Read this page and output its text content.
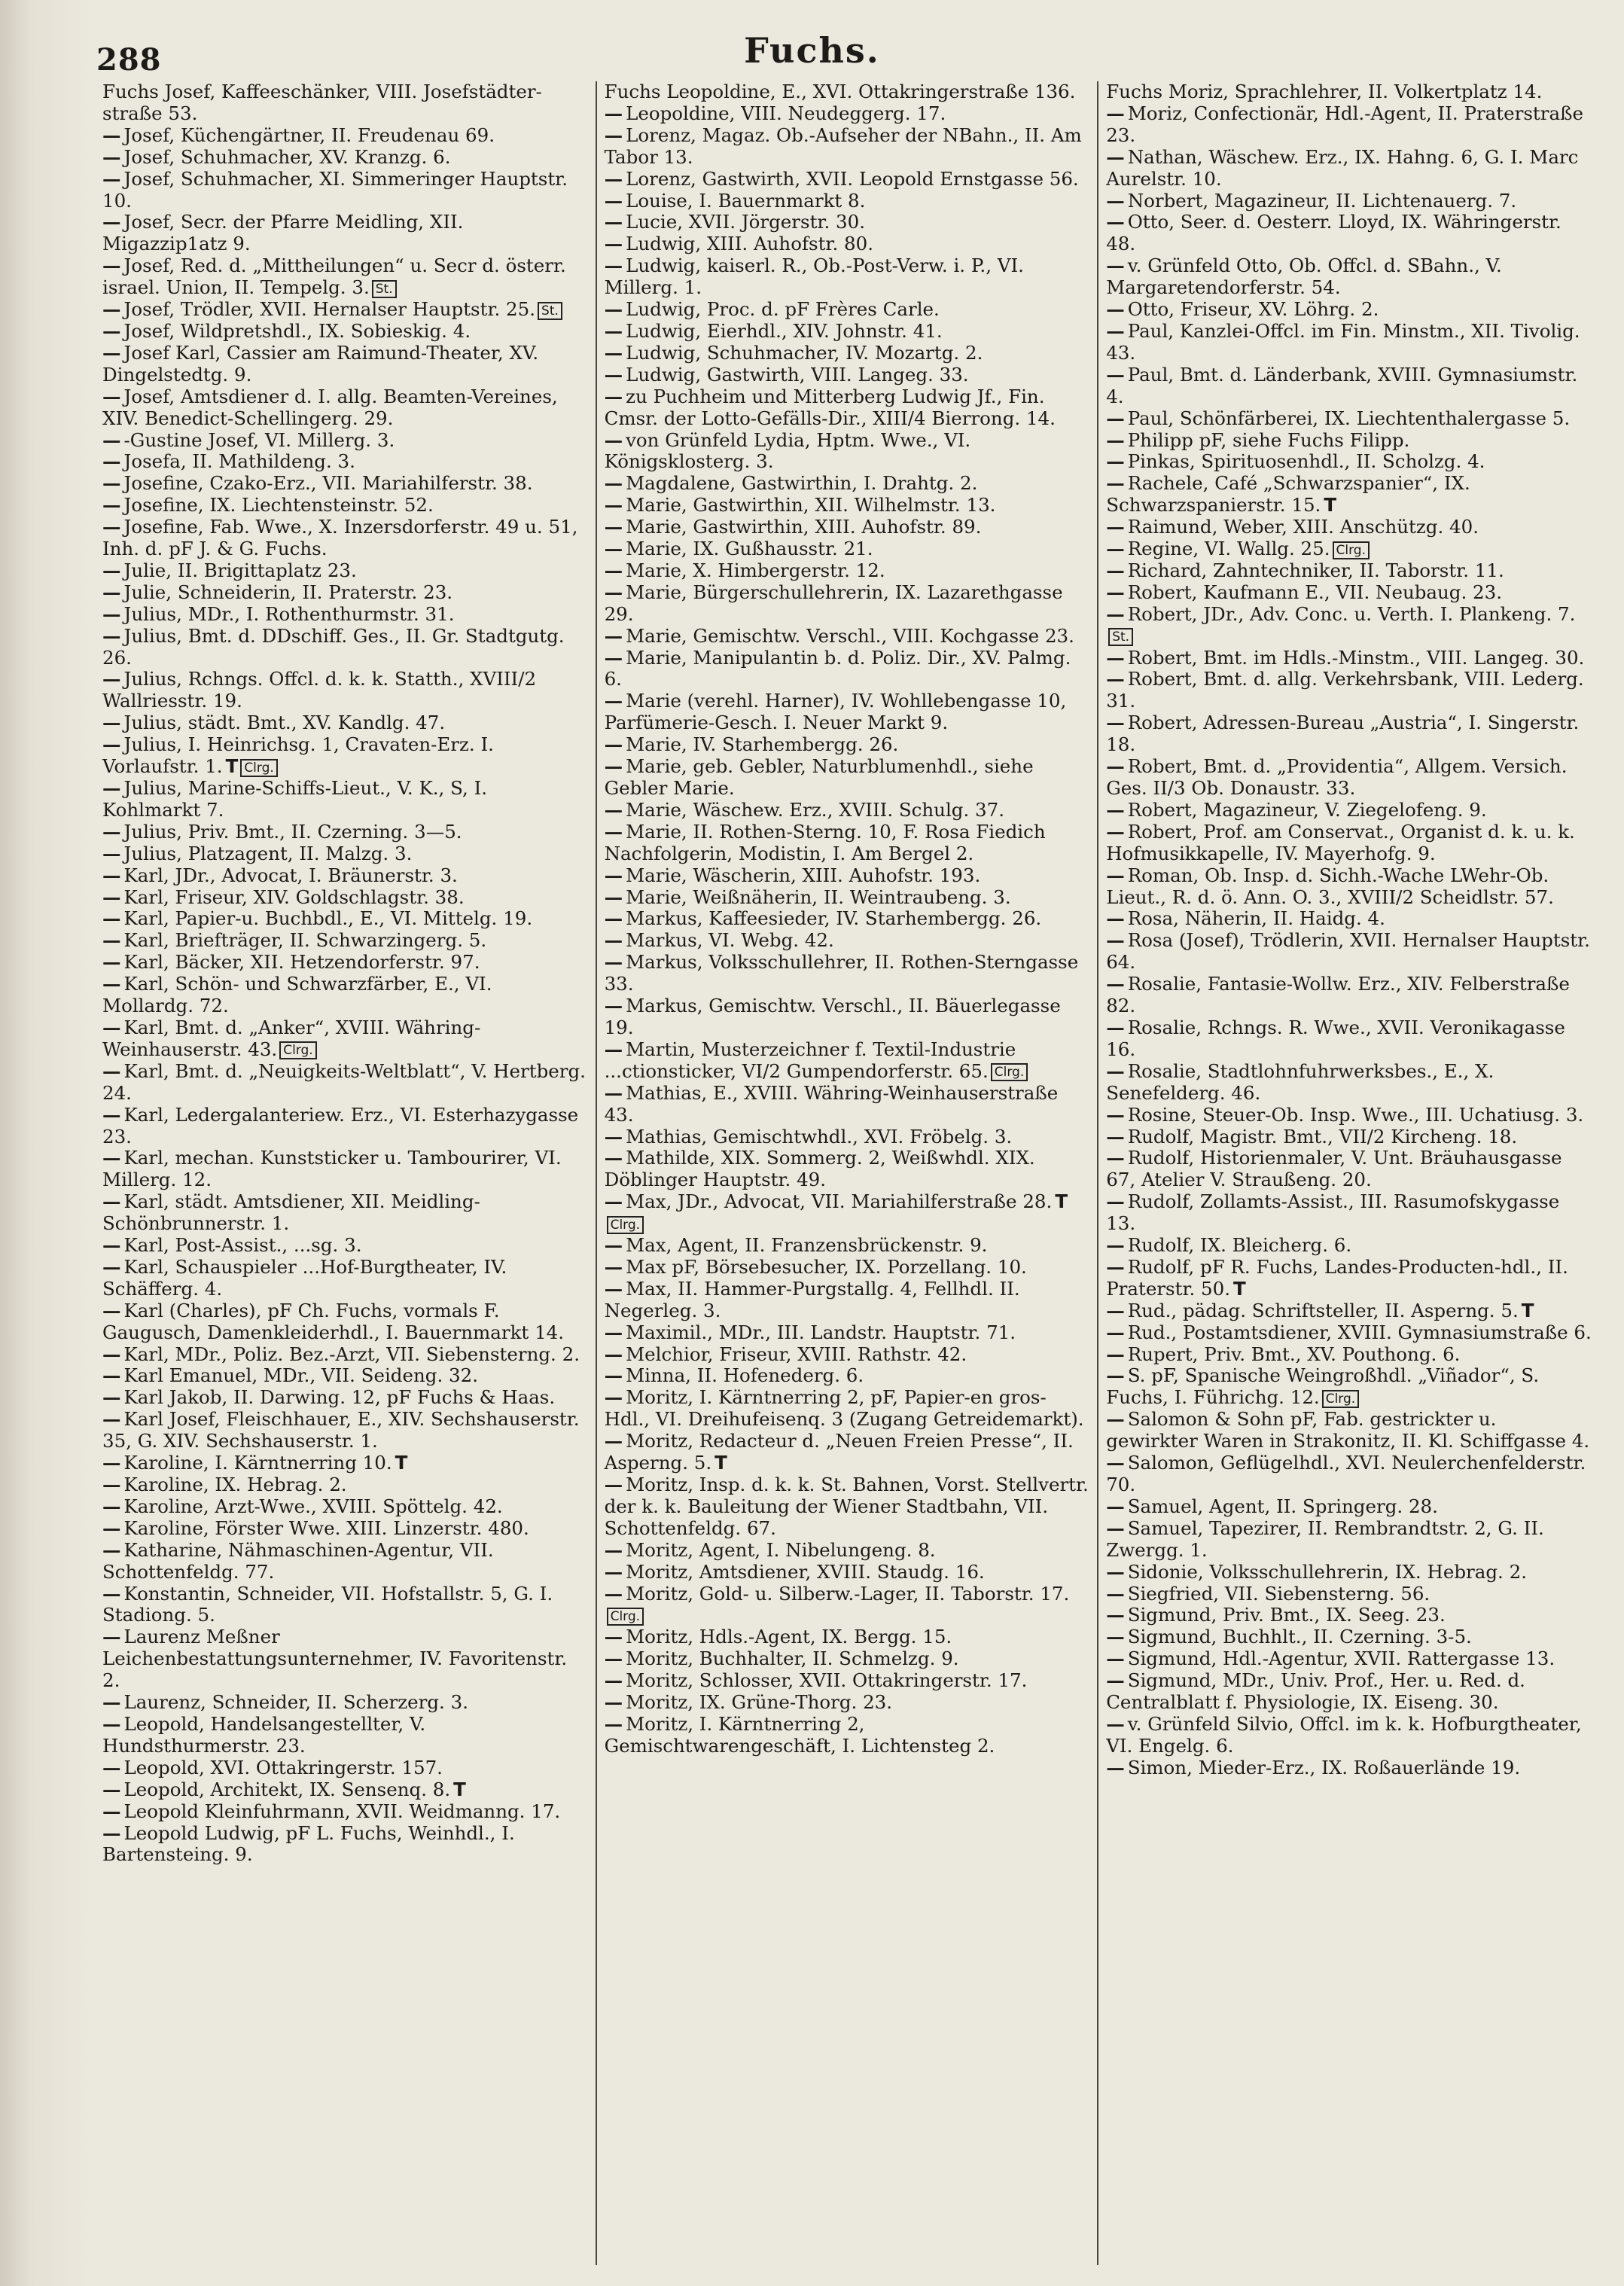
288	Fuchs.
Fuchs Josef, Kaffeeschänker, VIII. Josefstädter-straße 53.
— Josef, Küchengärtner, II. Freudenau 69.
— Josef, Schuhmacher, XV. Kranzg. 6.
— Josef, Schuhmacher, XI. Simmeringer Hauptstr. 10.
— Josef, Secr. der Pfarre Meidling, XII. Migazzip1atz 9.
— Josef, Red. d. „Mittheilungen“ u. Secr d. österr. israel. Union, II. Tempelg. 3. St.
— Josef, Trödler, XVII. Hernalser Hauptstr. 25. St.
— Josef, Wildpretshdl., IX. Sobieskig. 4.
— Josef Karl, Cassier am Raimund-Theater, XV. Dingelstedtg. 9.
— Josef, Amtsdiener d. I. allg. Beamten-Vereines, XIV. Benedict-Schellingerg. 29.
— -Gustine Josef, VI. Millerg. 3.
— Josefa, II. Mathildeng. 3.
— Josefine, Czako-Erz., VII. Mariahilferstr. 38.
— Josefine, IX. Liechtensteinstr. 52.
— Josefine, Fab. Wwe., X. Inzersdorferstr. 49 u. 51, Inh. d. pF J. & G. Fuchs.
— Julie, II. Brigittaplatz 23.
— Julie, Schneiderin, II. Praterstr. 23.
— Julius, MDr., I. Rothenthurmstr. 31.
— Julius, Bmt. d. DDschiff. Ges., II. Gr. Stadtgutg. 26.
— Julius, Rchngs. Offcl. d. k. k. Statth., XVIII/2 Wallriesstr. 19.
— Julius, städt. Bmt., XV. Kandlg. 47.
— Julius, I. Heinrichsg. 1, Cravaten-Erz. I. Vorlaufstr. 1. T Clrg.
— Julius, Marine-Schiffs-Lieut., V. K., S, I. Kohlmarkt 7.
— Julius, Priv. Bmt., II. Czerning. 3—5.
— Julius, Platzagent, II. Malzg. 3.
— Karl, JDr., Advocat, I. Bräunerstr. 3.
— Karl, Friseur, XIV. Goldschlagstr. 38.
— Karl, Papier-u. Buchbdl., E., VI. Mittelg. 19.
— Karl, Briefträger, II. Schwarzingerg. 5.
— Karl, Bäcker, XII. Hetzendorferstr. 97.
— Karl, Schön- und Schwarzfärber, E., VI. Mollardg. 72.
— Karl, Bmt. d. „Anker“, XVIII. Währing-Weinhauserstr. 43. Clrg.
— Karl, Bmt. d. „Neuigkeits-Weltblatt“, V. Hertberg. 24.
— Karl, Ledergalanteriew. Erz., VI. Esterhazygasse 23.
— Karl, mechan. Kunststicker u. Tambourirer, VI. Millerg. 12.
— Karl, städt. Amtsdiener, XII. Meidling-Schönbrunnerstr. 1.
— Karl, Post-Assist., ...sg. 3.
— Karl, Schauspieler ...Hof-Burgtheater, IV. Schäfferg. 4.
— Karl (Charles), pF Ch. Fuchs, vormals F. Gaugusch, Damenkleiderhdl., I. Bauernmarkt 14.
— Karl, MDr., Poliz. Bez.-Arzt, VII. Siebensterng. 2.
— Karl Emanuel, MDr., VII. Seideng. 32.
— Karl Jakob, II. Darwing. 12, pF Fuchs & Haas.
— Karl Josef, Fleischhauer, E., XIV. Sechshauserstr. 35, G. XIV. Sechshauserstr. 1.
— Karoline, I. Kärntnerring 10. T
— Karoline, IX. Hebrag. 2.
— Karoline, Arzt-Wwe., XVIII. Spöttelg. 42.
— Karoline, Förster Wwe. XIII. Linzerstr. 480.
— Katharine, Nähmaschinen-Agentur, VII. Schottenfeldg. 77.
— Konstantin, Schneider, VII. Hofstallstr. 5, G. I. Stadiong. 5.
— Laurenz Meßner Leichenbestattungsunternehmer, IV. Favoritenstr. 2.
— Laurenz, Schneider, II. Scherzerg. 3.
— Leopold, Handelsangestellter, V. Hundsthurmerstr. 23.
— Leopold, XVI. Ottakringerstr. 157.
— Leopold, Architekt, IX. Sensenq. 8. T
— Leopold Kleinfuhrmann, XVII. Weidmanng. 17.
— Leopold Ludwig, pF L. Fuchs, Weinhdl., I. Bartensteing. 9.
Fuchs Leopoldine, E., XVI. Ottakringerstraße 136.
— Leopoldine, VIII. Neudeggerg. 17.
— Lorenz, Magaz. Ob.-Aufseher der NBahn., II. Am Tabor 13.
— Lorenz, Gastwirth, XVII. Leopold Ernstgasse 56.
— Louise, I. Bauernmarkt 8.
— Lucie, XVII. Jörgerstr. 30.
— Ludwig, XIII. Auhofstr. 80.
— Ludwig, kaiserl. R., Ob.-Post-Verw. i. P., VI. Millerg. 1.
— Ludwig, Proc. d. pF Frères Carle.
— Ludwig, Eierhdl., XIV. Johnstr. 41.
— Ludwig, Schuhmacher, IV. Mozartg. 2.
— Ludwig, Gastwirth, VIII. Langeg. 33.
— zu Puchheim und Mitterberg Ludwig Jf., Fin. Cmsr. der Lotto-Gefälls-Dir., XIII/4 Bierrong. 14.
— von Grünfeld Lydia, Hptm. Wwe., VI. Königsklosterg. 3.
— Magdalene, Gastwirthin, I. Drahtg. 2.
— Marie, Gastwirthin, XII. Wilhelmstr. 13.
— Marie, Gastwirthin, XIII. Auhofstr. 89.
— Marie, IX. Gußhausstr. 21.
— Marie, X. Himbergerstr. 12.
— Marie, Bürgerschullehrerin, IX. Lazarethgasse 29.
— Marie, Gemischtw. Verschl., VIII. Kochgasse 23.
— Marie, Manipulantin b. d. Poliz. Dir., XV. Palmg. 6.
— Marie (verehl. Harner), IV. Wohllebengasse 10, Parfümerie-Gesch. I. Neuer Markt 9.
— Marie, IV. Starhembergg. 26.
— Marie, geb. Gebler, Naturblumenhdl., siehe Gebler Marie.
— Marie, Wäschew. Erz., XVIII. Schulg. 37.
— Marie, II. Rothen-Sterng. 10, F. Rosa Fiedich Nachfolgerin, Modistin, I. Am Bergel 2.
— Marie, Wäscherin, XIII. Auhofstr. 193.
— Marie, Weißnäherin, II. Weintraubeng. 3.
— Markus, Kaffeesieder, IV. Starhembergg. 26.
— Markus, VI. Webg. 42.
— Markus, Volksschullehrer, II. Rothen-Sterngasse 33.
— Markus, Gemischtw. Verschl., II. Bäuerlegasse 19.
— Martin, Musterzeichner f. Textil-Industrie ...ctionsticker, VI/2 Gumpendorferstr. 65. Clrg.
— Mathias, E., XVIII. Währing-Weinhauserstraße 43.
— Mathias, Gemischtwhdl., XVI. Fröbelg. 3.
— Mathilde, XIX. Sommerg. 2, Weißwhdl. XIX. Döblinger Hauptstr. 49.
— Max, JDr., Advocat, VII. Mariahilferstraße 28. TClrg.
— Max, Agent, II. Franzensbrückenstr. 9.
— Max pF, Börsebesucher, IX. Porzellang. 10.
— Max, II. Hammer-Purgstallg. 4, Fellhdl. II. Negerleg. 3.
— Maximil., MDr., III. Landstr. Hauptstr. 71.
— Melchior, Friseur, XVIII. Rathstr. 42.
— Minna, II. Hofenederg. 6.
— Moritz, I. Kärntnerring 2, pF, Papier-en gros-Hdl., VI. Dreihufeisenq. 3 (Zugang Getreidemarkt).
— Moritz, Redacteur d. „Neuen Freien Presse“, II. Asperng. 5. T
— Moritz, Insp. d. k. k. St. Bahnen, Vorst. Stellvertr. der k. k. Bauleitung der Wiener Stadtbahn, VII. Schottenfeldg. 67.
— Moritz, Agent, I. Nibelungeng. 8.
— Moritz, Amtsdiener, XVIII. Staudg. 16.
— Moritz, Gold- u. Silberw.-Lager, II. Taborstr. 17.Clrg.
— Moritz, Hdls.-Agent, IX. Bergg. 15.
— Moritz, Buchhalter, II. Schmelzg. 9.
— Moritz, Schlosser, XVII. Ottakringerstr. 17.
— Moritz, IX. Grüne-Thorg. 23.
— Moritz, I. Kärntnerring 2, Gemischtwarengeschäft, I. Lichtensteg 2.
Fuchs Moriz, Sprachlehrer, II. Volkertplatz 14.
— Moriz, Confectionär, Hdl.-Agent, II. Praterstraße 23.
— Nathan, Wäschew. Erz., IX. Hahng. 6, G. I. Marc Aurelstr. 10.
— Norbert, Magazineur, II. Lichtenauerg. 7.
— Otto, Seer. d. Oesterr. Lloyd, IX. Währingerstr. 48.
— v. Grünfeld Otto, Ob. Offcl. d. SBahn., V. Margaretendorferstr. 54.
— Otto, Friseur, XV. Löhrg. 2.
— Paul, Kanzlei-Offcl. im Fin. Minstm., XII. Tivolig. 43.
— Paul, Bmt. d. Länderbank, XVIII. Gymnasiumstr. 4.
— Paul, Schönfärberei, IX. Liechtenthalergasse 5.
— Philipp pF, siehe Fuchs Filipp.
— Pinkas, Spirituosenhdl., II. Scholzg. 4.
— Rachele, Café „Schwarzspanier“, IX. Schwarzspanierstr. 15. T
— Raimund, Weber, XIII. Anschützg. 40.
— Regine, VI. Wallg. 25. Clrg.
— Richard, Zahntechniker, II. Taborstr. 11.
— Robert, Kaufmann E., VII. Neubaug. 23.
— Robert, JDr., Adv. Conc. u. Verth. I. Plankeng. 7.St.
— Robert, Bmt. im Hdls.-Minstm., VIII. Langeg. 30.
— Robert, Bmt. d. allg. Verkehrsbank, VIII. Lederg. 31.
— Robert, Adressen-Bureau „Austria“, I. Singerstr. 18.
— Robert, Bmt. d. „Providentia“, Allgem. Versich. Ges. II/3 Ob. Donaustr. 33.
— Robert, Magazineur, V. Ziegelofeng. 9.
— Robert, Prof. am Conservat., Organist d. k. u. k. Hofmusikkapelle, IV. Mayerhofg. 9.
— Roman, Ob. Insp. d. Sichh.-Wache LWehr-Ob. Lieut., R. d. ö. Ann. O. 3., XVIII/2 Scheidlstr. 57.
— Rosa, Näherin, II. Haidg. 4.
— Rosa (Josef), Trödlerin, XVII. Hernalser Hauptstr. 64.
— Rosalie, Fantasie-Wollw. Erz., XIV. Felberstraße 82.
— Rosalie, Rchngs. R. Wwe., XVII. Veronikagasse 16.
— Rosalie, Stadtlohnfuhrwerksbes., E., X. Senefelderg. 46.
— Rosine, Steuer-Ob. Insp. Wwe., III. Uchatiusg. 3.
— Rudolf, Magistr. Bmt., VII/2 Kircheng. 18.
— Rudolf, Historienmaler, V. Unt. Bräuhausgasse 67, Atelier V. Straußeng. 20.
— Rudolf, Zollamts-Assist., III. Rasumofskygasse 13.
— Rudolf, IX. Bleicherg. 6.
— Rudolf, pF R. Fuchs, Landes-Producten-hdl., II. Praterstr. 50. T
— Rud., pädag. Schriftsteller, II. Asperng. 5. T
— Rud., Postamtsdiener, XVIII. Gymnasiumstraße 6.
— Rupert, Priv. Bmt., XV. Pouthong. 6.
— S. pF, Spanische Weingroßhdl. „Viñador“, S. Fuchs, I. Führichg. 12. Clrg.
— Salomon & Sohn pF, Fab. gestrickter u. gewirkter Waren in Strakonitz, II. Kl. Schiffgasse 4.
— Salomon, Geflügelhdl., XVI. Neulerchenfelderstr. 70.
— Samuel, Agent, II. Springerg. 28.
— Samuel, Tapezirer, II. Rembrandtstr. 2, G. II. Zwergg. 1.
— Sidonie, Volksschullehrerin, IX. Hebrag. 2.
— Siegfried, VII. Siebensterng. 56.
— Sigmund, Priv. Bmt., IX. Seeg. 23.
— Sigmund, Buchhlt., II. Czerning. 3-5.
— Sigmund, Hdl.-Agentur, XVII. Rattergasse 13.
— Sigmund, MDr., Univ. Prof., Her. u. Red. d. Centralblatt f. Physiologie, IX. Eiseng. 30.
— v. Grünfeld Silvio, Offcl. im k. k. Hofburgtheater, VI. Engelg. 6.
— Simon, Mieder-Erz., IX. Roßauerlände 19.
